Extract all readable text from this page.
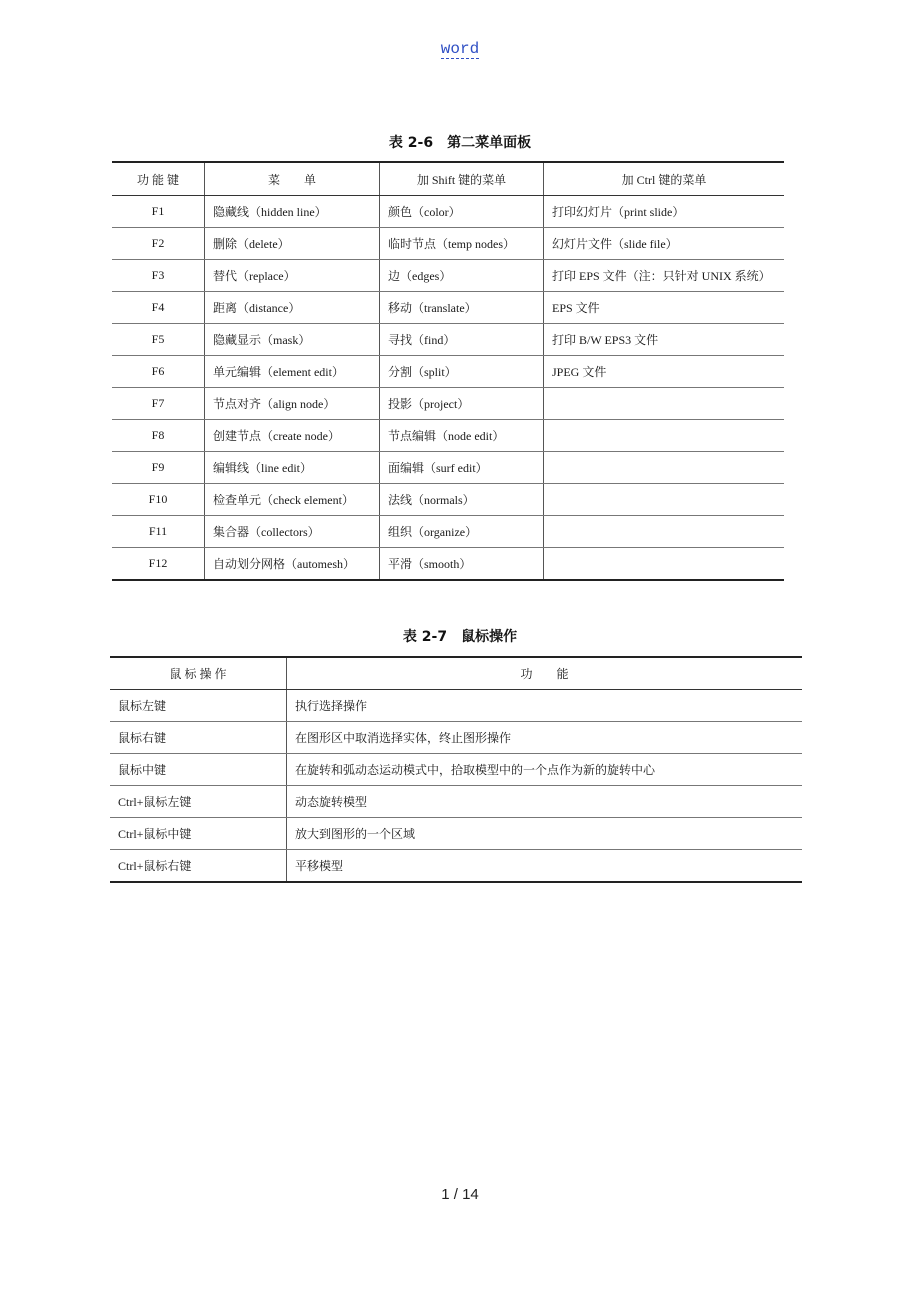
word
表 2-6　第二菜单面板
功 能 键	菜　　单	加 Shift 键的菜单	加 Ctrl 键的菜单
F1	隐藏线（hidden line）	颜色（color）	打印幻灯片（print slide）
F2	删除（delete）	临时节点（temp nodes）	幻灯片文件（slide file）
F3	替代（replace）	边（edges）	打印 EPS 文件（注：只针对 UNIX 系统）
F4	距离（distance）	移动（translate）	EPS 文件
F5	隐藏显示（mask）	寻找（find）	打印 B/W EPS3 文件
F6	单元编辑（element edit）	分割（split）	JPEG 文件
F7	节点对齐（align node）	投影（project）	
F8	创建节点（create node）	节点编辑（node edit）	
F9	编辑线（line edit）	面编辑（surf edit）	
F10	检查单元（check element）	法线（normals）	
F11	集合器（collectors）	组织（organize）	
F12	自动划分网格（automesh）	平滑（smooth）	
表 2-7　鼠标操作
鼠 标 操 作	功　　能
鼠标左键	执行选择操作
鼠标右键	在图形区中取消选择实体，终止图形操作
鼠标中键	在旋转和弧动态运动模式中，拾取模型中的一个点作为新的旋转中心
Ctrl+鼠标左键	动态旋转模型
Ctrl+鼠标中键	放大到图形的一个区域
Ctrl+鼠标右键	平移模型
1 / 14
